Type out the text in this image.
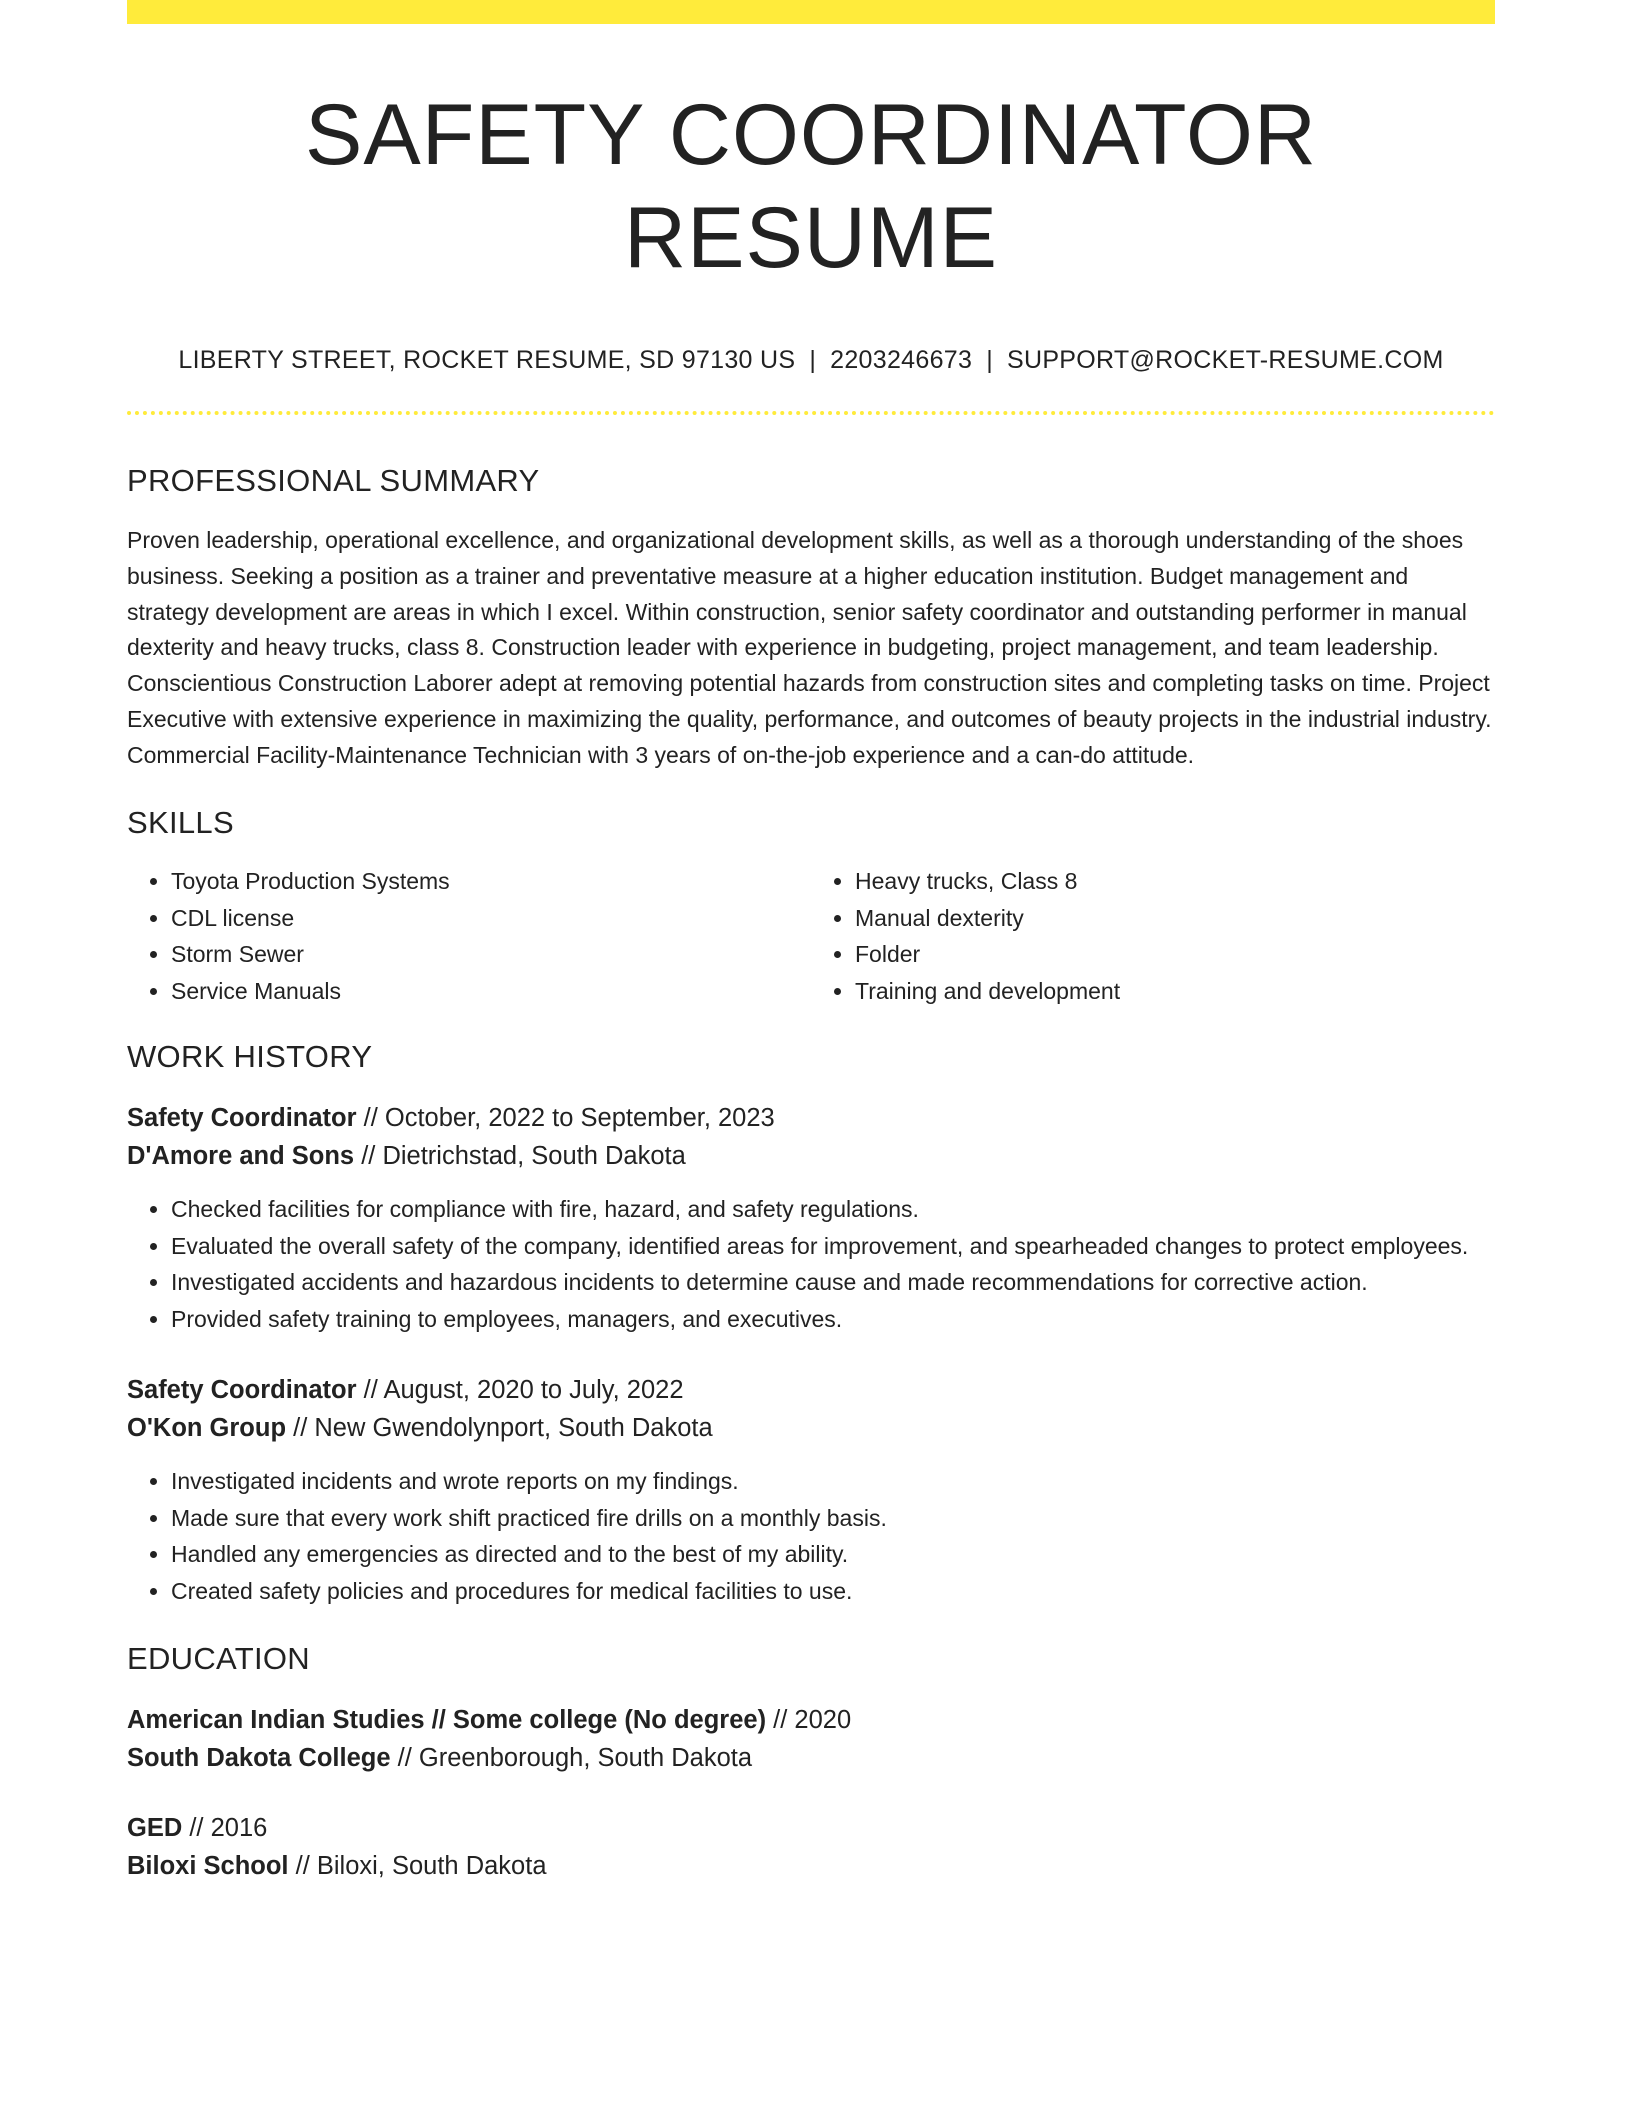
SAFETY COORDINATOR RESUME
LIBERTY STREET, ROCKET RESUME, SD 97130 US | 2203246673 | SUPPORT@ROCKET-RESUME.COM
PROFESSIONAL SUMMARY

Proven leadership, operational excellence, and organizational development skills, as well as a thorough understanding of the shoes business. Seeking a position as a trainer and preventative measure at a higher education institution. Budget management and strategy development are areas in which I excel. Within construction, senior safety coordinator and outstanding performer in manual dexterity and heavy trucks, class 8. Construction leader with experience in budgeting, project management, and team leadership. Conscientious Construction Laborer adept at removing potential hazards from construction sites and completing tasks on time. Project Executive with extensive experience in maximizing the quality, performance, and outcomes of beauty projects in the industrial industry. Commercial Facility-Maintenance Technician with 3 years of on-the-job experience and a can-do attitude.

SKILLS
• Toyota Production Systems
• CDL license
• Storm Sewer
• Service Manuals
• Heavy trucks, Class 8
• Manual dexterity
• Folder
• Training and development
WORK HISTORY
Safety Coordinator // October, 2022 to September, 2023
D'Amore and Sons // Dietrichstad, South Dakota
• Checked facilities for compliance with fire, hazard, and safety regulations.
• Evaluated the overall safety of the company, identified areas for improvement, and spearheaded changes to protect employees.
• Investigated accidents and hazardous incidents to determine cause and made recommendations for corrective action.
• Provided safety training to employees, managers, and executives.
Safety Coordinator // August, 2020 to July, 2022
O'Kon Group // New Gwendolynport, South Dakota
• Investigated incidents and wrote reports on my findings.
• Made sure that every work shift practiced fire drills on a monthly basis.
• Handled any emergencies as directed and to the best of my ability.
• Created safety policies and procedures for medical facilities to use.
EDUCATION
American Indian Studies // Some college (No degree) // 2020
South Dakota College // Greenborough, South Dakota
GED // 2016
Biloxi School // Biloxi, South Dakota
